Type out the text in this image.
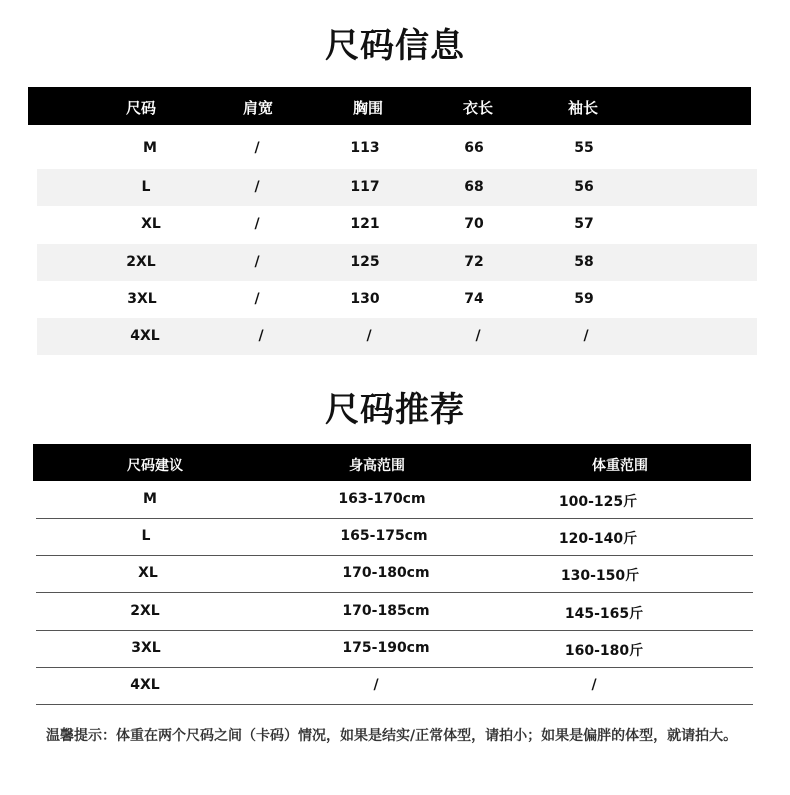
尺码信息
尺码	肩宽	胸围	衣长	袖长
M	/	113	66	55
L	/	117	68	56
XL	/	121	70	57
2XL	/	125	72	58
3XL	/	130	74	59
4XL	/	/	/	/
尺码推荐
尺码建议	身高范围	体重范围
M	163-170cm	100-125斤
L	165-175cm	120-140斤
XL	170-180cm	130-150斤
2XL	170-185cm	145-165斤
3XL	175-190cm	160-180斤
4XL	/	/
温馨提示：体重在两个尺码之间（卡码）情况，如果是结实/正常体型，请拍小；如果是偏胖的体型，就请拍大。
